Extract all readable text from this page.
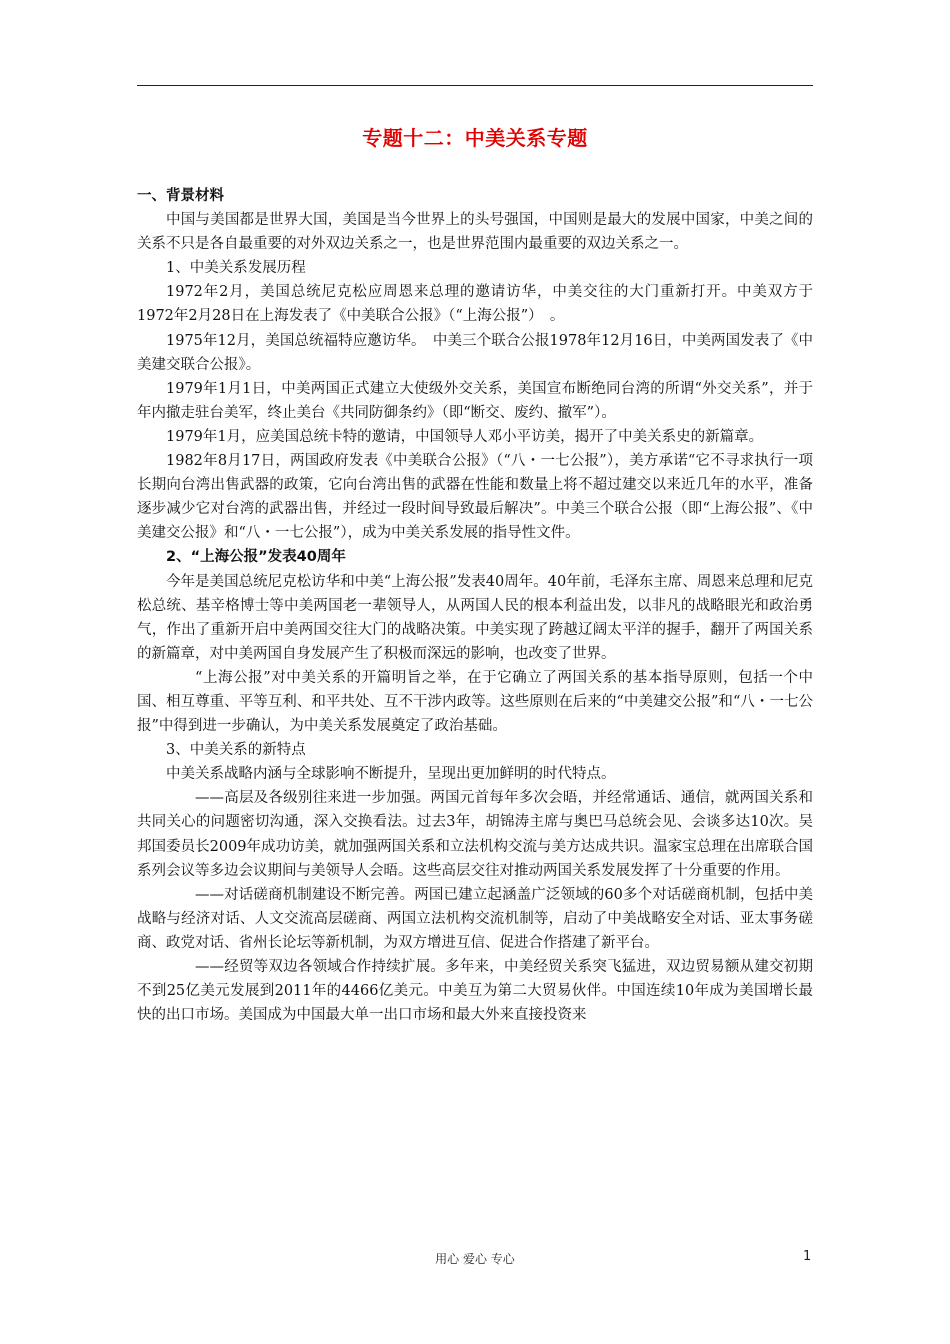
专题十二：中美关系专题

一、背景材料

中国与美国都是世界大国，美国是当今世界上的头号强国，中国则是最大的发展中国家，中美之间的关系不只是各自最重要的对外双边关系之一，也是世界范围内最重要的双边关系之一。

1、中美关系发展历程

1972年2月，美国总统尼克松应周恩来总理的邀请访华，中美交往的大门重新打开。中美双方于1972年2月28日在上海发表了《中美联合公报》（“上海公报”）　。

1975年12月，美国总统福特应邀访华。　中美三个联合公报1978年12月16日，中美两国发表了《中美建交联合公报》。

1979年1月1日，中美两国正式建立大使级外交关系，美国宣布断绝同台湾的所谓“外交关系”，并于年内撤走驻台美军，终止美台《共同防御条约》（即“断交、废约、撤军”）。

1979年1月，应美国总统卡特的邀请，中国领导人邓小平访美，揭开了中美关系史的新篇章。

1982年8月17日，两国政府发表《中美联合公报》（“八・一七公报”），美方承诺“它不寻求执行一项长期向台湾出售武器的政策，它向台湾出售的武器在性能和数量上将不超过建交以来近几年的水平，准备逐步减少它对台湾的武器出售，并经过一段时间导致最后解决”。中美三个联合公报（即“上海公报”、《中美建交公报》和“八・一七公报”），成为中美关系发展的指导性文件。

2、“上海公报”发表40周年

今年是美国总统尼克松访华和中美“上海公报”发表40周年。40年前，毛泽东主席、周恩来总理和尼克松总统、基辛格博士等中美两国老一辈领导人，从两国人民的根本利益出发，以非凡的战略眼光和政治勇气，作出了重新开启中美两国交往大门的战略决策。中美实现了跨越辽阔太平洋的握手，翻开了两国关系的新篇章，对中美两国自身发展产生了积极而深远的影响，也改变了世界。

“上海公报”对中美关系的开篇明旨之举，在于它确立了两国关系的基本指导原则，包括一个中国、相互尊重、平等互利、和平共处、互不干涉内政等。这些原则在后来的“中美建交公报”和“八・一七公报”中得到进一步确认，为中美关系发展奠定了政治基础。

3、中美关系的新特点

中美关系战略内涵与全球影响不断提升，呈现出更加鲜明的时代特点。

——高层及各级别往来进一步加强。两国元首每年多次会晤，并经常通话、通信，就两国关系和共同关心的问题密切沟通，深入交换看法。过去3年，胡锦涛主席与奥巴马总统会见、会谈多达10次。吴邦国委员长2009年成功访美，就加强两国关系和立法机构交流与美方达成共识。温家宝总理在出席联合国系列会议等多边会议期间与美领导人会晤。这些高层交往对推动两国关系发展发挥了十分重要的作用。

——对话磋商机制建设不断完善。两国已建立起涵盖广泛领域的60多个对话磋商机制，包括中美战略与经济对话、人文交流高层磋商、两国立法机构交流机制等，启动了中美战略安全对话、亚太事务磋商、政党对话、省州长论坛等新机制，为双方增进互信、促进合作搭建了新平台。

——经贸等双边各领域合作持续扩展。多年来，中美经贸关系突飞猛进，双边贸易额从建交初期不到25亿美元发展到2011年的4466亿美元。中美互为第二大贸易伙伴。中国连续10年成为美国增长最快的出口市场。美国成为中国最大单一出口市场和最大外来直接投资来

用心 爱心 专心	1
